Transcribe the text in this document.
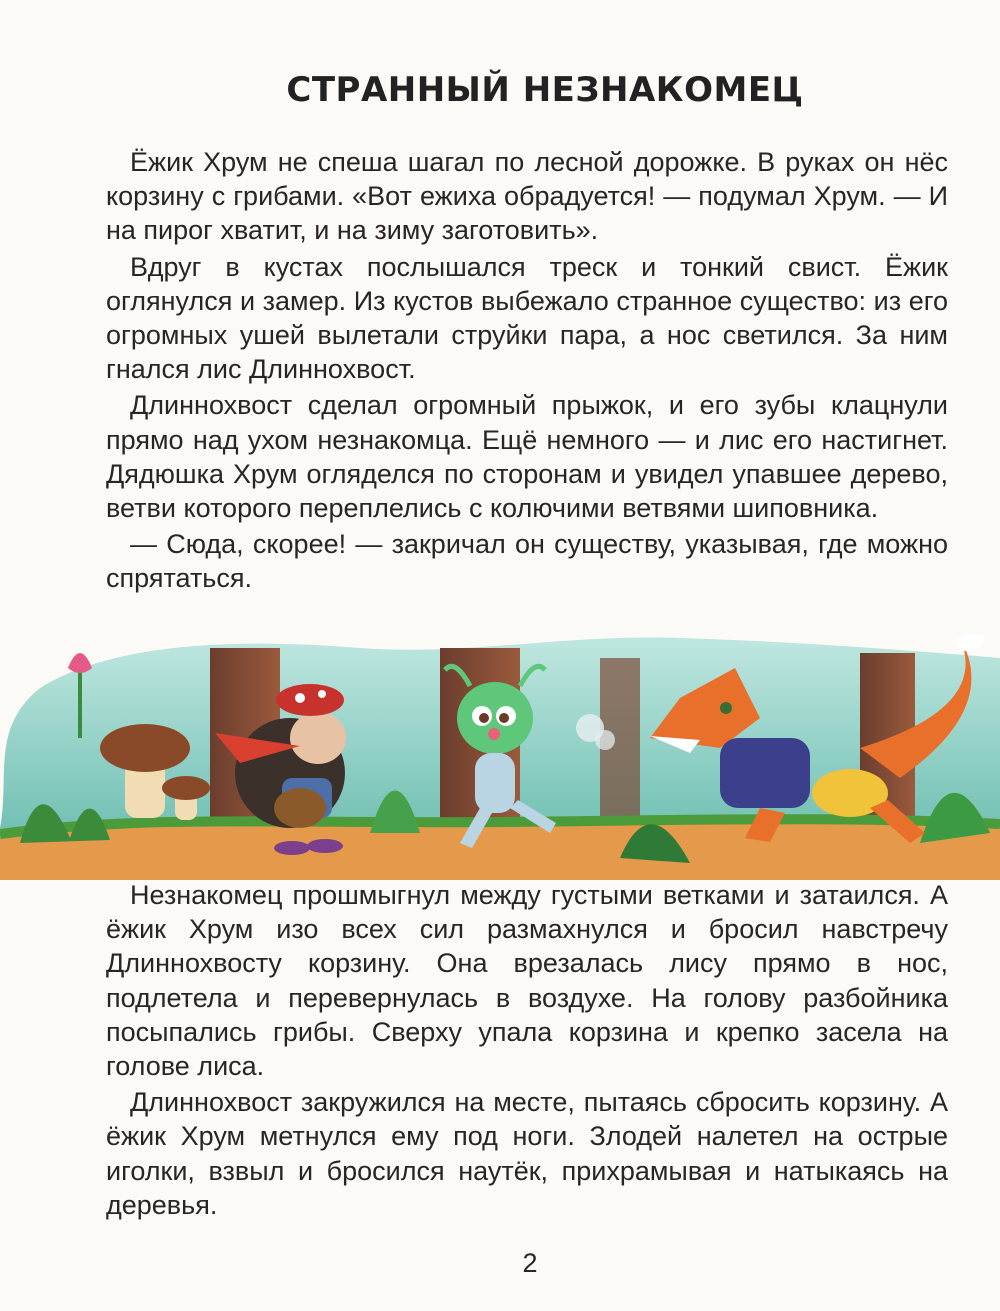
СТРАННЫЙ НЕЗНАКОМЕЦ

Ёжик Хрум не спеша шагал по лесной дорожке. В руках он нёс корзину с грибами. «Вот ежиха обрадуется! — подумал Хрум. — И на пирог хватит, и на зиму заготовить».

Вдруг в кустах послышался треск и тонкий свист. Ёжик оглянулся и замер. Из кустов выбежало странное существо: из его огромных ушей вылетали струйки пара, а нос светился. За ним гнался лис Длиннохвост.

Длиннохвост сделал огромный прыжок, и его зубы клацнули прямо над ухом незнакомца. Ещё немного — и лис его настигнет. Дядюшка Хрум огляделся по сторонам и увидел упавшее дерево, ветви которого переплелись с колючими ветвями шиповника.

— Сюда, скорее! — закричал он существу, указывая, где можно спрятаться.

Незнакомец прошмыгнул между густыми ветками и затаился. А ёжик Хрум изо всех сил размахнулся и бросил навстречу Длиннохвосту корзину. Она врезалась лису прямо в нос, подлетела и перевернулась в воздухе. На голову разбойника посыпались грибы. Сверху упала корзина и крепко засела на голове лиса.

Длиннохвост закружился на месте, пытаясь сбросить корзину. А ёжик Хрум метнулся ему под ноги. Злодей налетел на острые иголки, взвыл и бросился наутёк, прихрамывая и натыкаясь на деревья.

2
